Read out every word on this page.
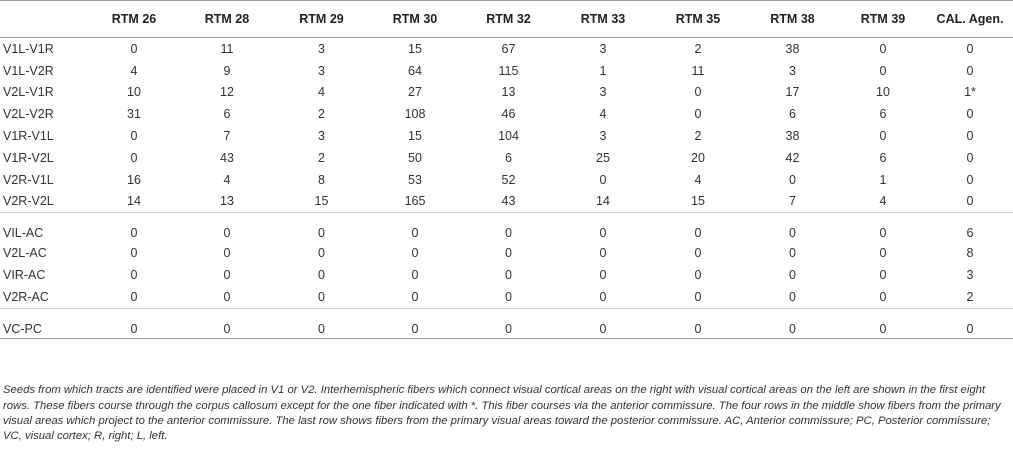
	RTM 26	RTM 28	RTM 29	RTM 30	RTM 32	RTM 33	RTM 35	RTM 38	RTM 39	CAL. Agen.
V1L-V1R	0	11	3	15	67	3	2	38	0	0
V1L-V2R	4	9	3	64	115	1	11	3	0	0
V2L-V1R	10	12	4	27	13	3	0	17	10	1*
V2L-V2R	31	6	2	108	46	4	0	6	6	0
V1R-V1L	0	7	3	15	104	3	2	38	0	0
V1R-V2L	0	43	2	50	6	25	20	42	6	0
V2R-V1L	16	4	8	53	52	0	4	0	1	0
V2R-V2L	14	13	15	165	43	14	15	7	4	0
VIL-AC	0	0	0	0	0	0	0	0	0	6
V2L-AC	0	0	0	0	0	0	0	0	0	8
VIR-AC	0	0	0	0	0	0	0	0	0	3
V2R-AC	0	0	0	0	0	0	0	0	0	2
VC-PC	0	0	0	0	0	0	0	0	0	0

Seeds from which tracts are identified were placed in V1 or V2. Interhemispheric fibers which connect visual cortical areas on the right with visual cortical areas on the left are shown in the first eight rows. These fibers course through the corpus callosum except for the one fiber indicated with *. This fiber courses via the anterior commissure. The four rows in the middle show fibers from the primary visual areas which project to the anterior commissure. The last row shows fibers from the primary visual areas toward the posterior commissure. AC, Anterior commissure; PC, Posterior commissure; VC, visual cortex; R, right; L, left.
